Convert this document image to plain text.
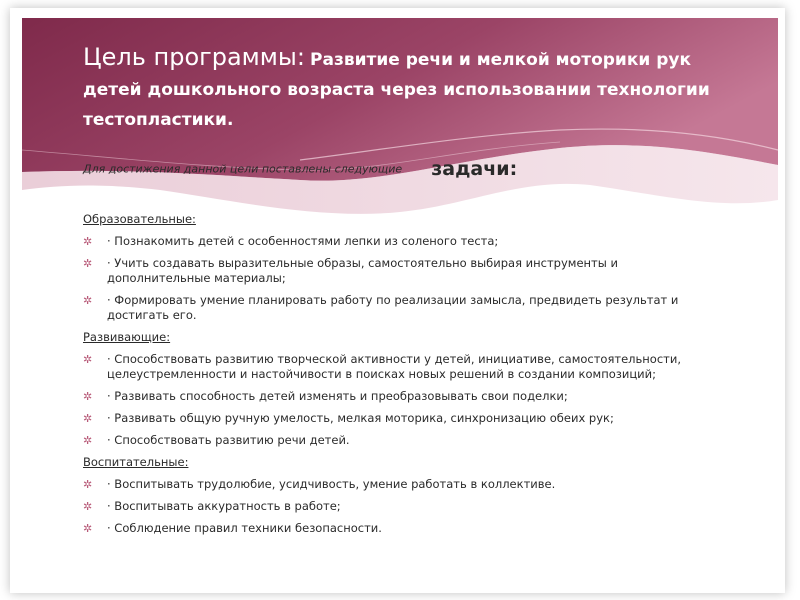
Цель программы: Развитие речи и мелкой моторики рук детей дошкольного возраста через использовании технологии тестопластики.
Для достижения данной цели поставлены следующие задачи:
Образовательные:
✲ · Познакомить детей с особенностями лепки из соленого теста;
✲ · Учить создавать выразительные образы, самостоятельно выбирая инструменты и дополнительные материалы;
✲ · Формировать умение планировать работу по реализации замысла, предвидеть результат и достигать его.
Развивающие:
✲ · Способствовать развитию творческой активности у детей, инициативе, самостоятельности, целеустремленности и настойчивости в поисках новых решений в создании композиций;
✲ · Развивать способность детей изменять и преобразовывать свои поделки;
✲ · Развивать общую ручную умелость, мелкая моторика, синхронизацию обеих рук;
✲ · Способствовать развитию речи детей.
Воспитательные:
✲ · Воспитывать трудолюбие, усидчивость, умение работать в коллективе.
✲ · Воспитывать аккуратность в работе;
✲ · Соблюдение правил техники безопасности.
